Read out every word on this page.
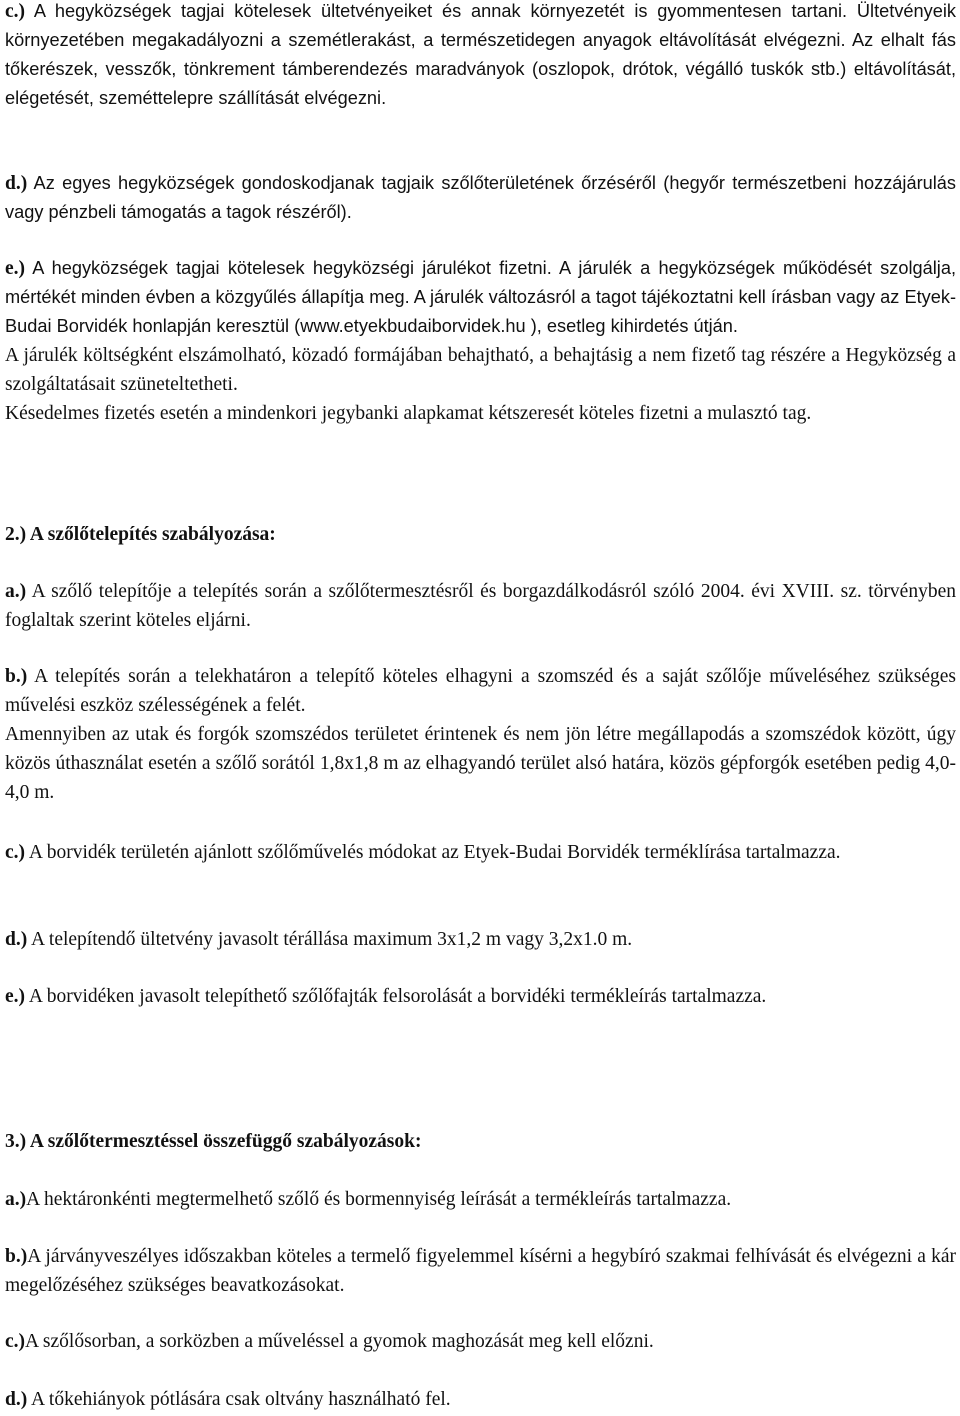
c.) A hegyközségek tagjai kötelesek ültetvényeiket és annak környezetét is gyommentesen tartani. Ültetvényeik környezetében megakadályozni a szemétlerakást, a természetidegen anyagok eltávolítását elvégezni. Az elhalt fás tőkerészek, vesszők, tönkrement támberendezés maradványok (oszlopok, drótok, végálló tuskók stb.) eltávolítását, elégetését, szeméttelepre szállítását elvégezni.

d.) Az egyes hegyközségek gondoskodjanak tagjaik szőlőterületének őrzéséről (hegyőr természetbeni hozzájárulás vagy pénzbeli támogatás a tagok részéről).

e.) A hegyközségek tagjai kötelesek hegyközségi járulékot fizetni. A járulék a hegyközségek működését szolgálja, mértékét minden évben a közgyűlés állapítja meg. A járulék változásról a tagot tájékoztatni kell írásban vagy az Etyek-Budai Borvidék honlapján keresztül (www.etyekbudaiborvidek.hu ), esetleg kihirdetés útján.

A járulék költségként elszámolható, közadó formájában behajtható, a behajtásig a nem fizető tag részére a Hegyközség a szolgáltatásait szüneteltetheti.

Késedelmes fizetés esetén a mindenkori jegybanki alapkamat kétszeresét köteles fizetni a mulasztó tag.

2.) A szőlőtelepítés szabályozása:

a.) A szőlő telepítője a telepítés során a szőlőtermesztésről és borgazdálkodásról szóló 2004. évi XVIII. sz. törvényben foglaltak szerint köteles eljárni.

b.) A telepítés során a telekhatáron a telepítő köteles elhagyni a szomszéd és a saját szőlője műveléséhez szükséges művelési eszköz szélességének a felét.

Amennyiben az utak és forgók szomszédos területet érintenek és nem jön létre megállapodás a szomszédok között, úgy közös úthasználat esetén a szőlő sorától 1,8x1,8 m az elhagyandó terület alsó határa, közös gépforgók esetében pedig 4,0-4,0 m.

c.) A borvidék területén ajánlott szőlőművelés módokat az Etyek-Budai Borvidék terméklírása tartalmazza.

d.) A telepítendő ültetvény javasolt térállása maximum 3x1,2 m vagy 3,2x1.0 m.

e.) A borvidéken javasolt telepíthető szőlőfajták felsorolását a borvidéki termékleírás tartalmazza.

3.) A szőlőtermesztéssel összefüggő szabályozások:

a.)A hektáronkénti megtermelhető szőlő és bormennyiség leírását a termékleírás tartalmazza.

b.)A járványveszélyes időszakban köteles a termelő figyelemmel kísérni a hegybíró szakmai felhívását és elvégezni a kár megelőzéséhez szükséges beavatkozásokat.

c.)A szőlősorban, a sorközben a műveléssel a gyomok maghozását meg kell előzni.

d.) A tőkehiányok pótlására csak oltvány használható fel.
